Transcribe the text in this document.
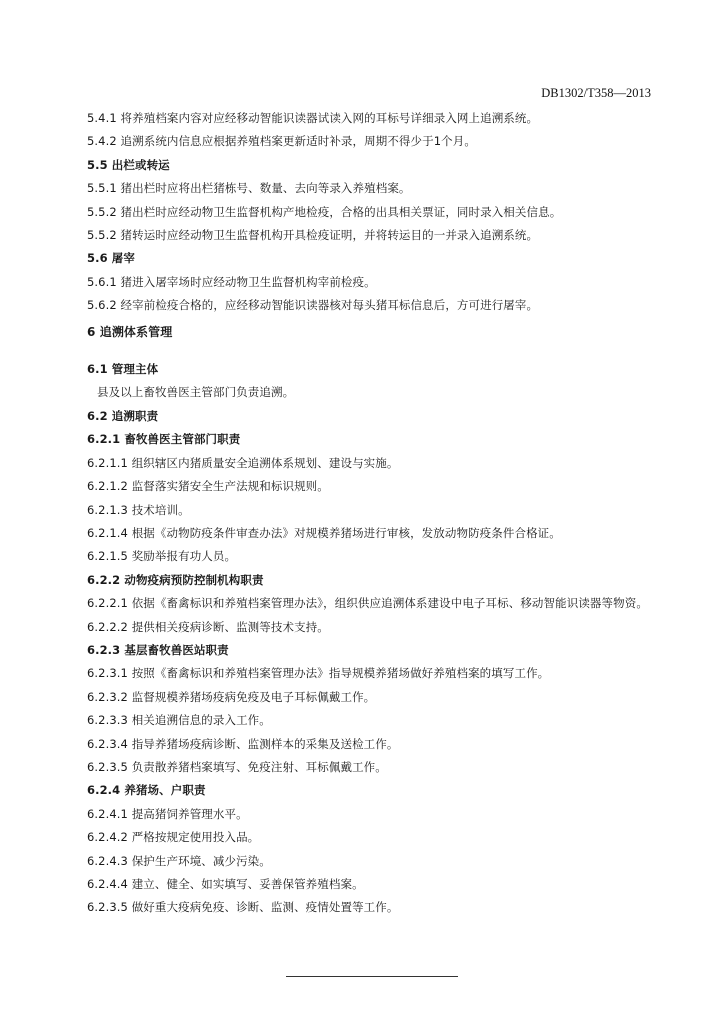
DB1302/T358—2013
5.4.1 将养殖档案内容对应经移动智能识读器试读入网的耳标号详细录入网上追溯系统。
5.4.2 追溯系统内信息应根据养殖档案更新适时补录，周期不得少于1个月。
5.5 出栏或转运
5.5.1 猪出栏时应将出栏猪栋号、数量、去向等录入养殖档案。
5.5.2 猪出栏时应经动物卫生监督机构产地检疫，合格的出具相关票证，同时录入相关信息。
5.5.2 猪转运时应经动物卫生监督机构开具检疫证明，并将转运目的一并录入追溯系统。
5.6 屠宰
5.6.1 猪进入屠宰场时应经动物卫生监督机构宰前检疫。
5.6.2 经宰前检疫合格的，应经移动智能识读器核对每头猪耳标信息后，方可进行屠宰。
6 追溯体系管理
6.1 管理主体
县及以上畜牧兽医主管部门负责追溯。
6.2 追溯职责
6.2.1 畜牧兽医主管部门职责
6.2.1.1 组织辖区内猪质量安全追溯体系规划、建设与实施。
6.2.1.2 监督落实猪安全生产法规和标识规则。
6.2.1.3 技术培训。
6.2.1.4 根据《动物防疫条件审查办法》对规模养猪场进行审核，发放动物防疫条件合格证。
6.2.1.5 奖励举报有功人员。
6.2.2 动物疫病预防控制机构职责
6.2.2.1 依据《畜禽标识和养殖档案管理办法》，组织供应追溯体系建设中电子耳标、移动智能识读器等物资。
6.2.2.2 提供相关疫病诊断、监测等技术支持。
6.2.3 基层畜牧兽医站职责
6.2.3.1 按照《畜禽标识和养殖档案管理办法》指导规模养猪场做好养殖档案的填写工作。
6.2.3.2 监督规模养猪场疫病免疫及电子耳标佩戴工作。
6.2.3.3 相关追溯信息的录入工作。
6.2.3.4 指导养猪场疫病诊断、监测样本的采集及送检工作。
6.2.3.5 负责散养猪档案填写、免疫注射、耳标佩戴工作。
6.2.4 养猪场、户职责
6.2.4.1 提高猪饲养管理水平。
6.2.4.2 严格按规定使用投入品。
6.2.4.3 保护生产环境、减少污染。
6.2.4.4 建立、健全、如实填写、妥善保管养殖档案。
6.2.3.5 做好重大疫病免疫、诊断、监测、疫情处置等工作。
